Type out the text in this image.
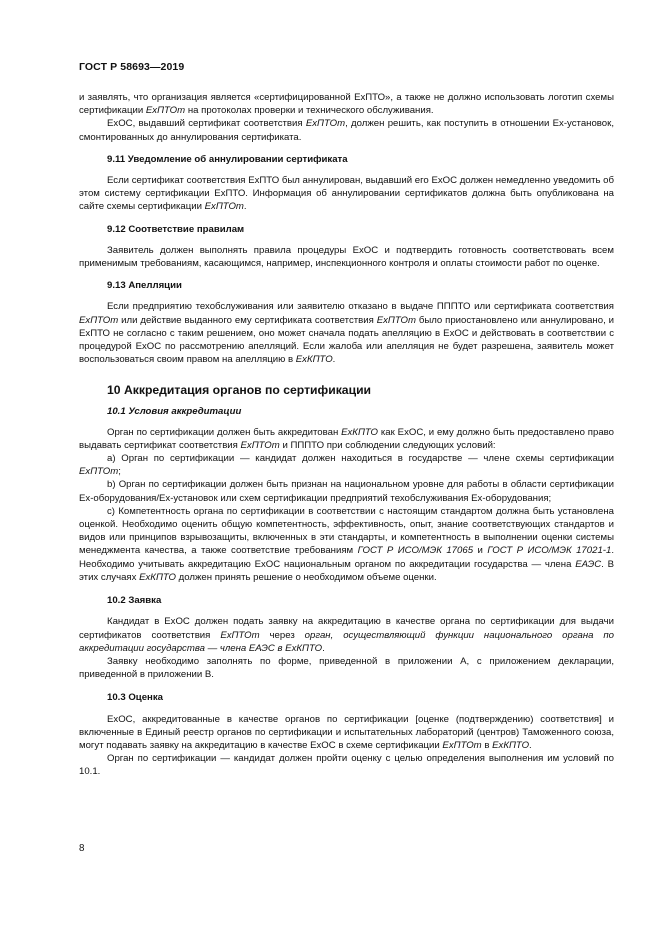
ГОСТ Р 58693—2019

и заявлять, что организация является «сертифицированной ExПТО», а также не должно использовать логотип схемы сертификации ExПТОm на протоколах проверки и технического обслуживания.

ExOC, выдавший сертификат соответствия ExПТОm, должен решить, как поступить в отношении Ex-установок, смонтированных до аннулирования сертификата.

9.11 Уведомление об аннулировании сертификата

Если сертификат соответствия ExПТО был аннулирован, выдавший его ExOC должен немедленно уведомить об этом систему сертификации ExПТО. Информация об аннулировании сертификатов должна быть опубликована на сайте схемы сертификации ExПТОm.

9.12 Соответствие правилам

Заявитель должен выполнять правила процедуры ExOC и подтвердить готовность соответствовать всем применимым требованиям, касающимся, например, инспекционного контроля и оплаты стоимости работ по оценке.

9.13 Апелляции

Если предприятию техобслуживания или заявителю отказано в выдаче ПППТО или сертификата соответствия ExПТОm или действие выданного ему сертификата соответствия ExПТОm было приостановлено или аннулировано, и ExПТО не согласно с таким решением, оно может сначала подать апелляцию в ExOC и действовать в соответствии с процедурой ExOC по рассмотрению апелляций. Если жалоба или апелляция не будет разрешена, заявитель может воспользоваться своим правом на апелляцию в ExКПТО.

10 Аккредитация органов по сертификации

10.1 Условия аккредитации

Орган по сертификации должен быть аккредитован ExКПТО как ExOC, и ему должно быть предоставлено право выдавать сертификат соответствия ExПТОm и ПППТО при соблюдении следующих условий:

a) Орган по сертификации — кандидат должен находиться в государстве — члене схемы сертификации ExПТОm;

b) Орган по сертификации должен быть признан на национальном уровне для работы в области сертификации Ex-оборудования/Ex-установок или схем сертификации предприятий техобслуживания Ex-оборудования;

c) Компетентность органа по сертификации в соответствии с настоящим стандартом должна быть установлена оценкой. Необходимо оценить общую компетентность, эффективность, опыт, знание соответствующих стандартов и видов или принципов взрывозащиты, включенных в эти стандарты, и компетентность в выполнении оценки системы менеджмента качества, а также соответствие требованиям ГОСТ Р ИСО/МЭК 17065 и ГОСТ Р ИСО/МЭК 17021-1. Необходимо учитывать аккредитацию ExOC национальным органом по аккредитации государства — члена ЕАЭС. В этих случаях ExКПТО должен принять решение о необходимом объеме оценки.

10.2 Заявка

Кандидат в ExOC должен подать заявку на аккредитацию в качестве органа по сертификации для выдачи сертификатов соответствия ExПТОm через орган, осуществляющий функции национального органа по аккредитации государства — члена ЕАЭС в ExКПТО.

Заявку необходимо заполнять по форме, приведенной в приложении А, с приложением декларации, приведенной в приложении В.

10.3 Оценка

ExOC, аккредитованные в качестве органов по сертификации [оценке (подтверждению) соответствия] и включенные в Единый реестр органов по сертификации и испытательных лабораторий (центров) Таможенного союза, могут подавать заявку на аккредитацию в качестве ExOC в схеме сертификации ExПТОm в ExКПТО.

Орган по сертификации — кандидат должен пройти оценку с целью определения выполнения им условий по 10.1.

8
